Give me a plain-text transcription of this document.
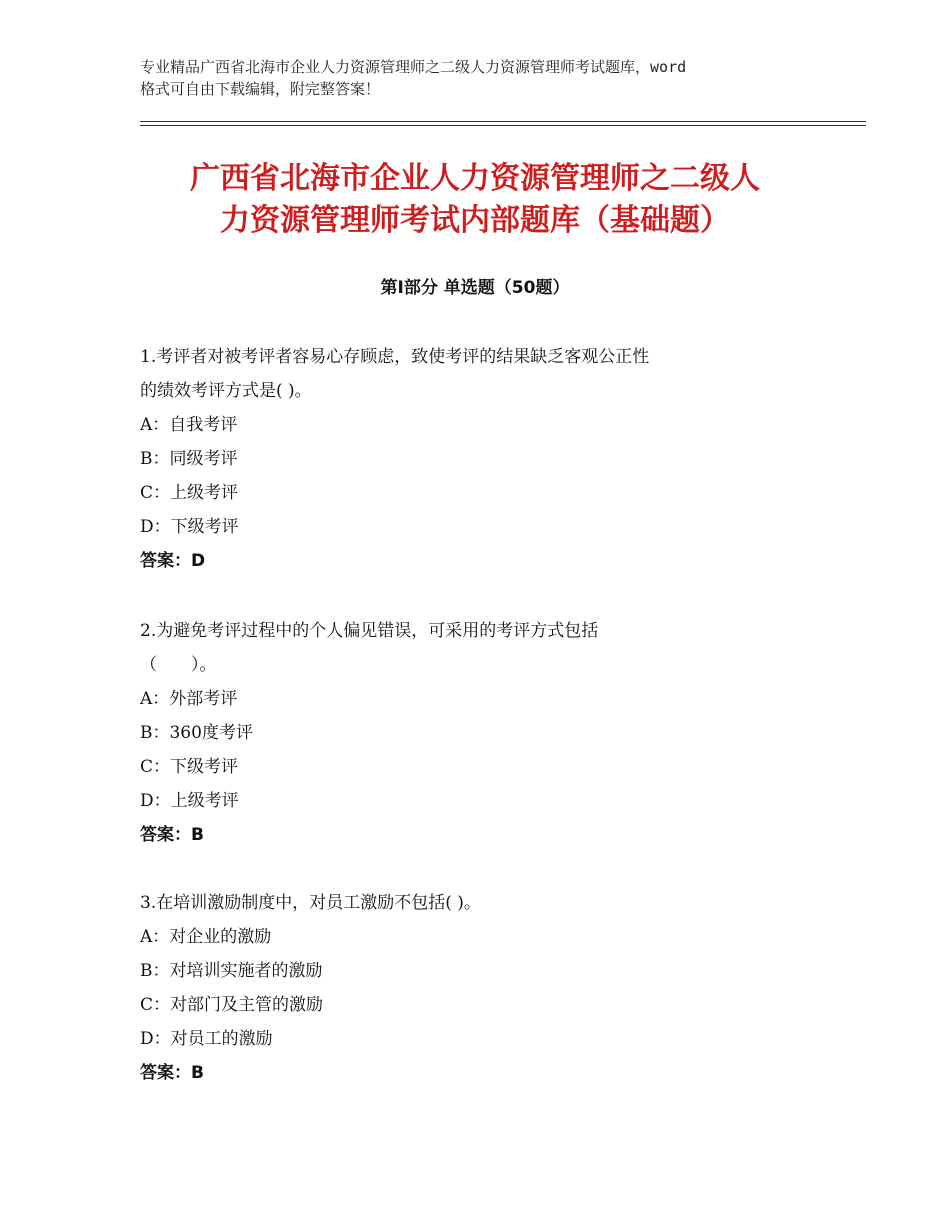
专业精品广西省北海市企业人力资源管理师之二级人力资源管理师考试题库，word
格式可自由下载编辑，附完整答案！
广西省北海市企业人力资源管理师之二级人
力资源管理师考试内部题库（基础题）
第Ⅰ部分 单选题（50题）
1.考评者对被考评者容易心存顾虑，致使考评的结果缺乏客观公正性
的绩效考评方式是( )。
A：自我考评
B：同级考评
C：上级考评
D：下级考评
答案：D
2.为避免考评过程中的个人偏见错误，可采用的考评方式包括
（　　）。
A：外部考评
B：360度考评
C：下级考评
D：上级考评
答案：B
3.在培训激励制度中，对员工激励不包括( )。
A：对企业的激励
B：对培训实施者的激励
C：对部门及主管的激励
D：对员工的激励
答案：B
